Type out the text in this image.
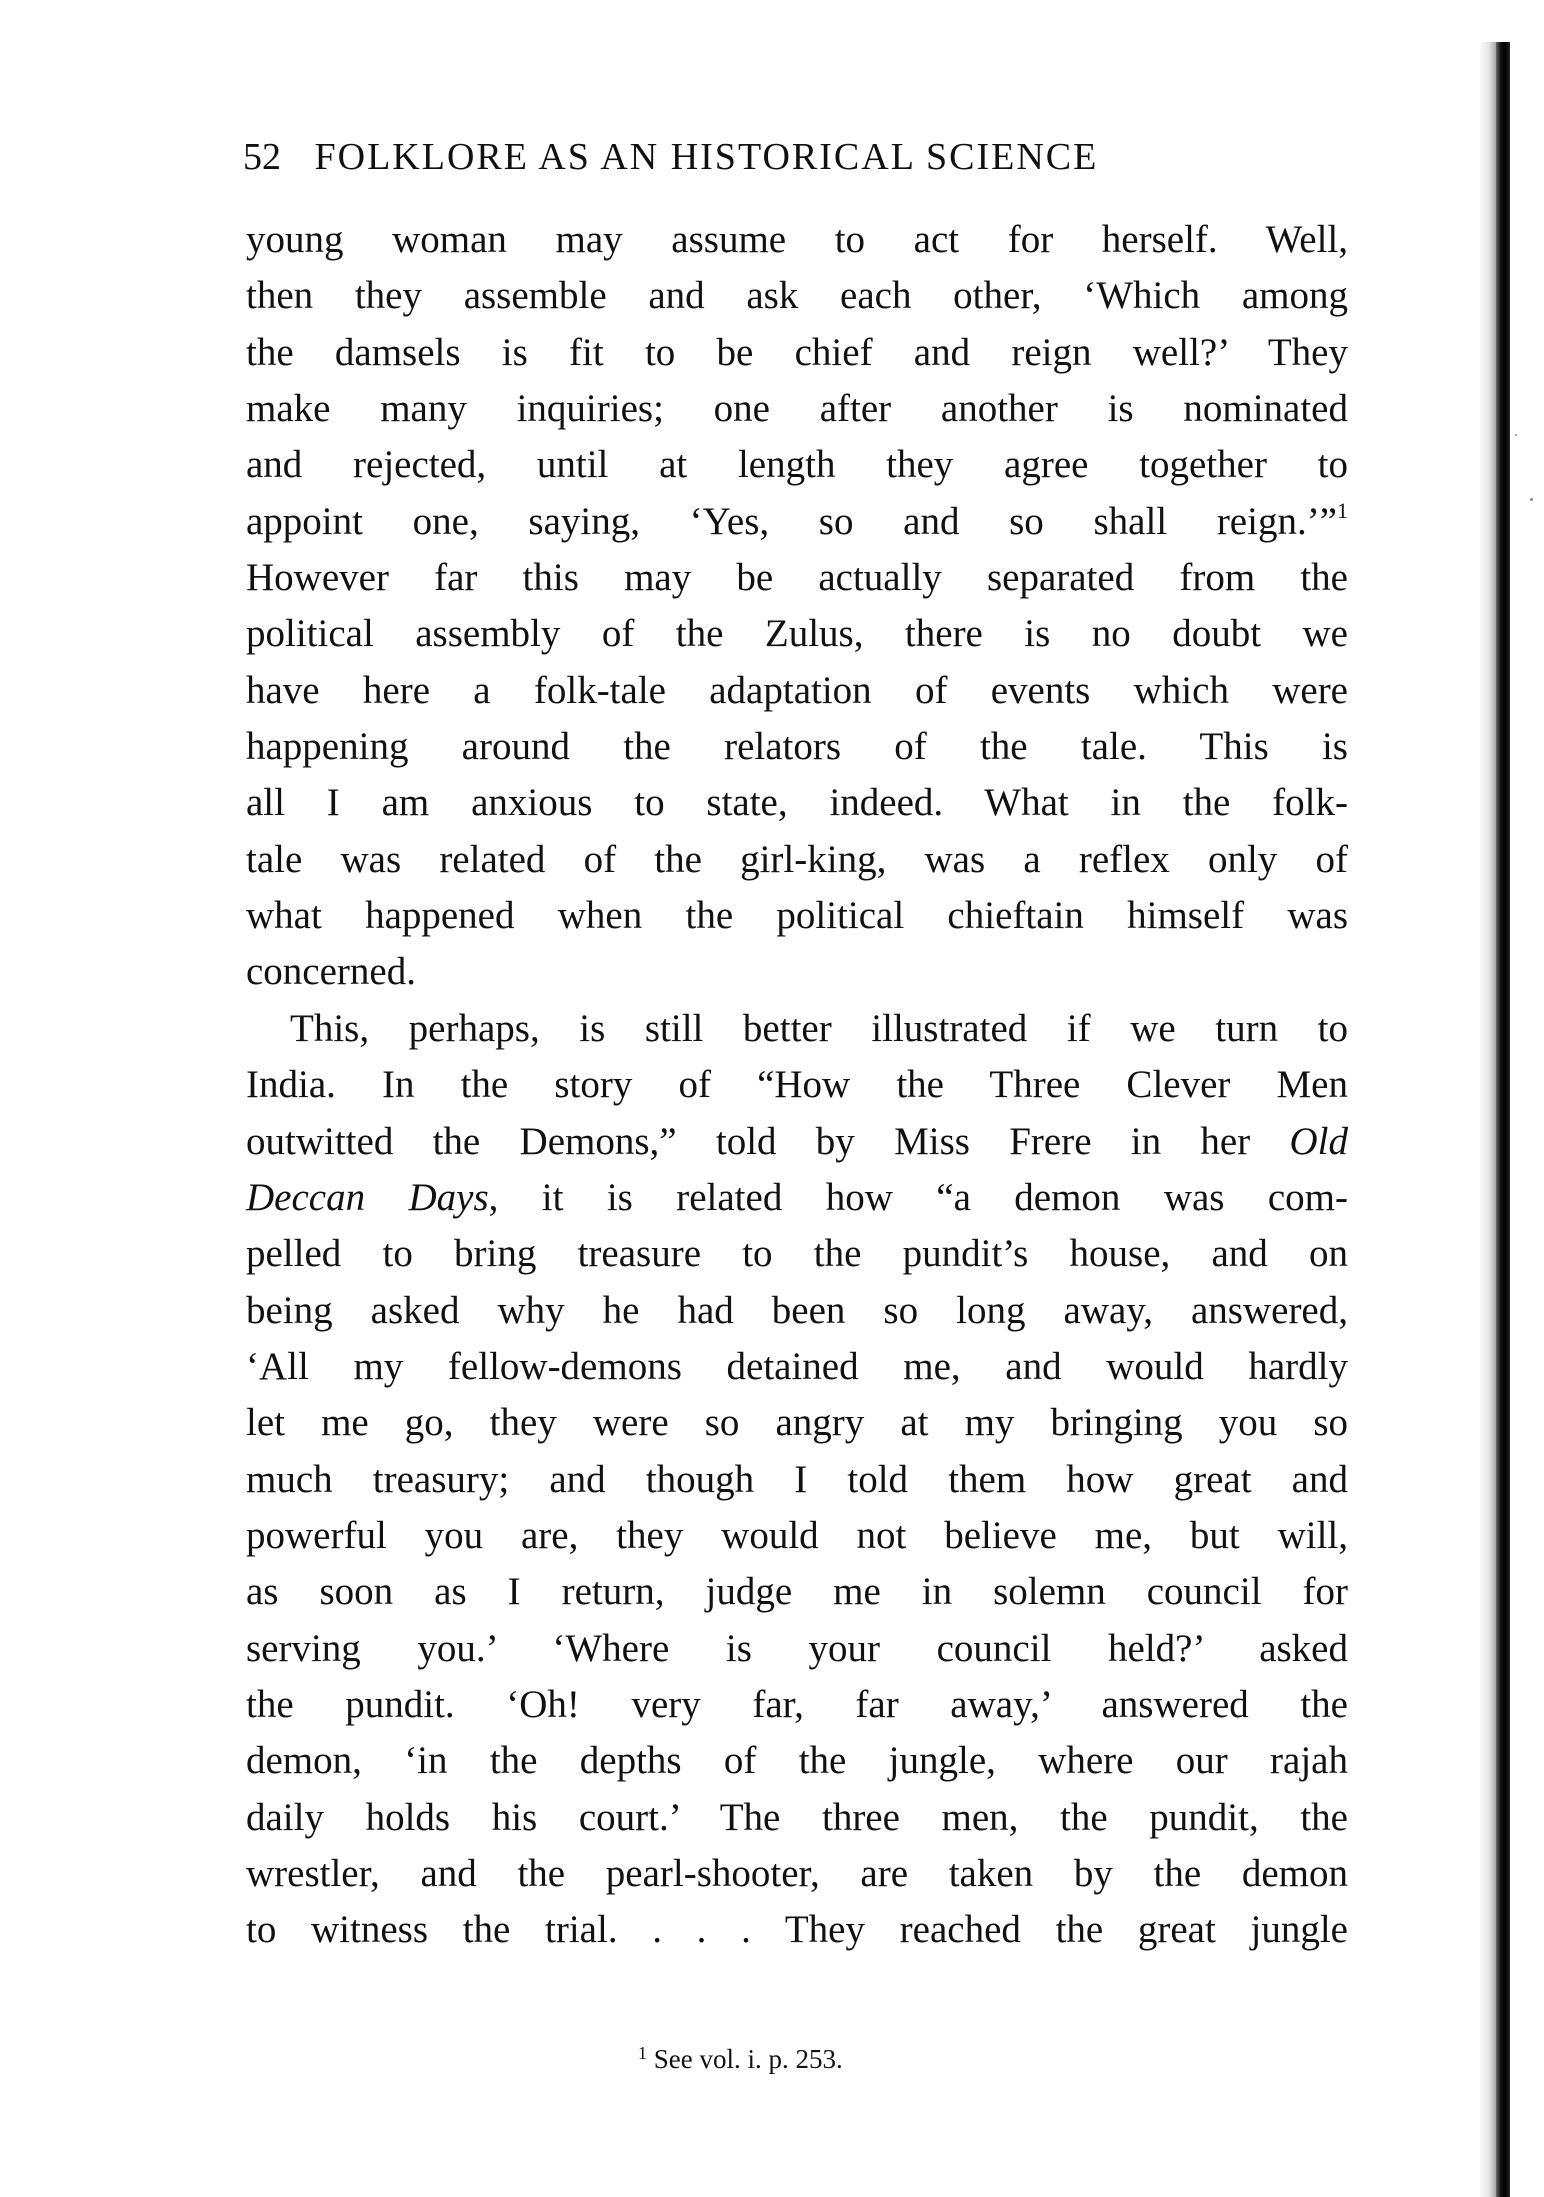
52 FOLKLORE AS AN HISTORICAL SCIENCE
young woman may assume to act for herself. Well,
then they assemble and ask each other, ‘Which among
the damsels is fit to be chief and reign well?’ They
make many inquiries; one after another is nominated
and rejected, until at length they agree together to
appoint one, saying, ‘Yes, so and so shall reign.’”$^1$
However far this may be actually separated from the
political assembly of the Zulus, there is no doubt we
have here a folk-tale adaptation of events which were
happening around the relators of the tale. This is
all I am anxious to state, indeed. What in the folk-
tale was related of the girl-king, was a reflex only of
what happened when the political chieftain himself was
concerned.
This, perhaps, is still better illustrated if we turn to
India. In the story of “How the Three Clever Men
outwitted the Demons,” told by Miss Frere in her Old
Deccan Days, it is related how “a demon was com-
pelled to bring treasure to the pundit’s house, and on
being asked why he had been so long away, answered,
‘All my fellow-demons detained me, and would hardly
let me go, they were so angry at my bringing you so
much treasury; and though I told them how great and
powerful you are, they would not believe me, but will,
as soon as I return, judge me in solemn council for
serving you.’ ‘Where is your council held?’ asked
the pundit. ‘Oh! very far, far away,’ answered the
demon, ‘in the depths of the jungle, where our rajah
daily holds his court.’ The three men, the pundit, the
wrestler, and the pearl-shooter, are taken by the demon
to witness the trial. . . . They reached the great jungle
$^1$ See vol. i. p. 253.
